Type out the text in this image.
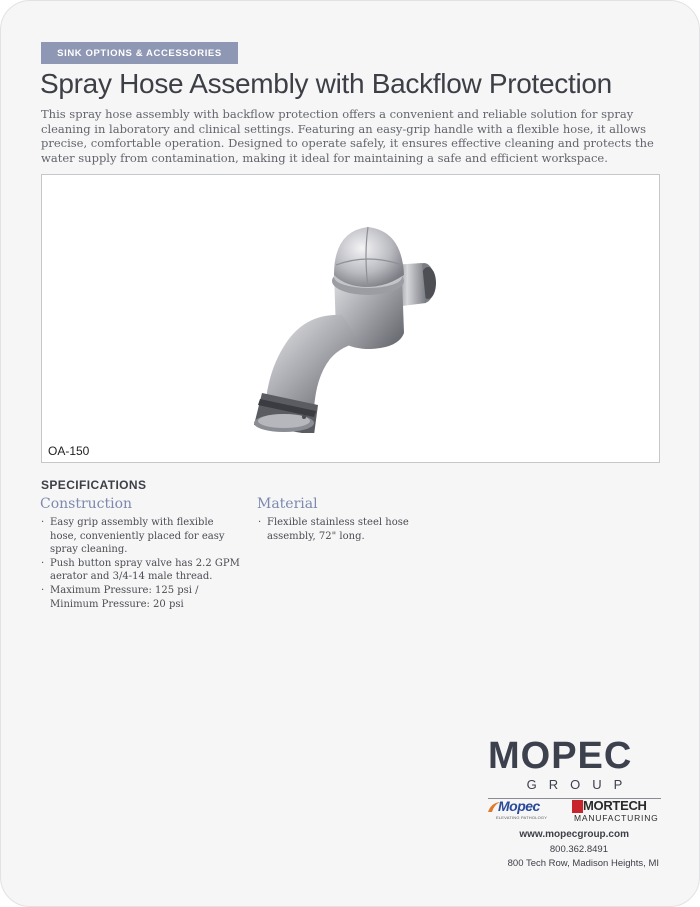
SINK OPTIONS & ACCESSORIES
Spray Hose Assembly with Backflow Protection

This spray hose assembly with backflow protection offers a convenient and reliable solution for spray cleaning in laboratory and clinical settings. Featuring an easy-grip handle with a flexible hose, it allows precise, comfortable operation. Designed to operate safely, it ensures effective cleaning and protects the water supply from contamination, making it ideal for maintaining a safe and efficient workspace.

OA-150
SPECIFICATIONS
Construction
· Easy grip assembly with flexible hose, conveniently placed for easy spray cleaning.
· Push button spray valve has 2.2 GPM aerator and 3/4-14 male thread.
· Maximum Pressure: 125 psi / Minimum Pressure: 20 psi
Material
· Flexible stainless steel hose assembly, 72" long.
MOPEC
GROUP
Mopec
ELEVATING PATHOLOGY
MORTECH
MANUFACTURING
www.mopecgroup.com
800.362.8491
800 Tech Row, Madison Heights, MI
